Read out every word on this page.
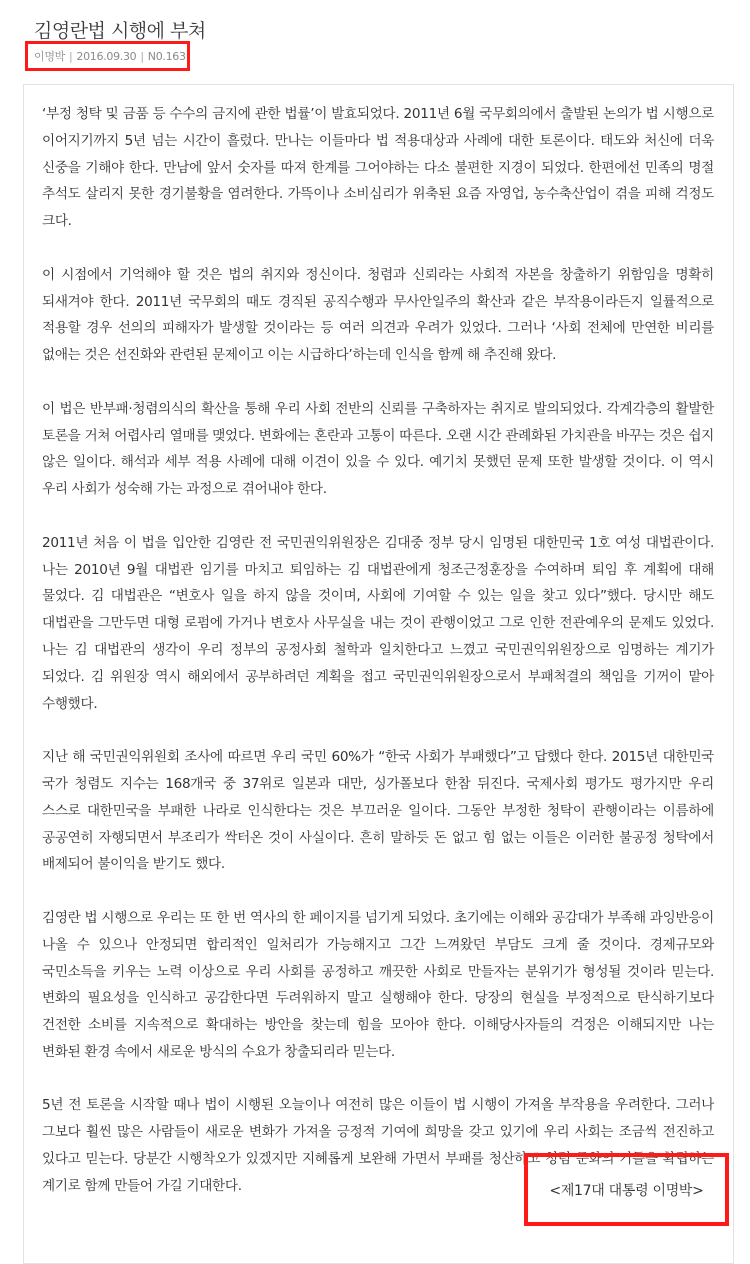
김영란법 시행에 부쳐
이명박 | 2016.09.30 | N0.163

‘부정 청탁 및 금품 등 수수의 금지에 관한 법률’이 발효되었다. 2011년 6월 국무회의에서 출발된 논의가 법 시행으로 이어지기까지 5년 넘는 시간이 흘렀다. 만나는 이들마다 법 적용대상과 사례에 대한 토론이다. 태도와 처신에 더욱 신중을 기해야 한다. 만남에 앞서 숫자를 따져 한계를 그어야하는 다소 불편한 지경이 되었다. 한편에선 민족의 명절 추석도 살리지 못한 경기불황을 염려한다. 가뜩이나 소비심리가 위축된 요즘 자영업, 농수축산업이 겪을 피해 걱정도 크다.

이 시점에서 기억해야 할 것은 법의 취지와 정신이다. 청렴과 신뢰라는 사회적 자본을 창출하기 위함임을 명확히 되새겨야 한다. 2011년 국무회의 때도 경직된 공직수행과 무사안일주의 확산과 같은 부작용이라든지 일률적으로 적용할 경우 선의의 피해자가 발생할 것이라는 등 여러 의견과 우려가 있었다. 그러나 ‘사회 전체에 만연한 비리를 없애는 것은 선진화와 관련된 문제이고 이는 시급하다’하는데 인식을 함께 해 추진해 왔다.

이 법은 반부패·청렴의식의 확산을 통해 우리 사회 전반의 신뢰를 구축하자는 취지로 발의되었다. 각계각층의 활발한 토론을 거쳐 어렵사리 열매를 맺었다. 변화에는 혼란과 고통이 따른다. 오랜 시간 관례화된 가치관을 바꾸는 것은 쉽지 않은 일이다. 해석과 세부 적용 사례에 대해 이견이 있을 수 있다. 예기치 못했던 문제 또한 발생할 것이다. 이 역시 우리 사회가 성숙해 가는 과정으로 겪어내야 한다.

2011년 처음 이 법을 입안한 김영란 전 국민권익위원장은 김대중 정부 당시 임명된 대한민국 1호 여성 대법관이다. 나는 2010년 9월 대법관 임기를 마치고 퇴임하는 김 대법관에게 청조근정훈장을 수여하며 퇴임 후 계획에 대해 물었다. 김 대법관은 “변호사 일을 하지 않을 것이며, 사회에 기여할 수 있는 일을 찾고 있다”했다. 당시만 해도 대법관을 그만두면 대형 로펌에 가거나 변호사 사무실을 내는 것이 관행이었고 그로 인한 전관예우의 문제도 있었다. 나는 김 대법관의 생각이 우리 정부의 공정사회 철학과 일치한다고 느꼈고 국민권익위원장으로 임명하는 계기가 되었다. 김 위원장 역시 해외에서 공부하려던 계획을 접고 국민권익위원장으로서 부패척결의 책임을 기꺼이 맡아 수행했다.

지난 해 국민권익위원회 조사에 따르면 우리 국민 60%가 “한국 사회가 부패했다”고 답했다 한다. 2015년 대한민국 국가 청렴도 지수는 168개국 중 37위로 일본과 대만, 싱가폴보다 한참 뒤진다. 국제사회 평가도 평가지만 우리 스스로 대한민국을 부패한 나라로 인식한다는 것은 부끄러운 일이다. 그동안 부정한 청탁이 관행이라는 이름하에 공공연히 자행되면서 부조리가 싹터온 것이 사실이다. 흔히 말하듯 돈 없고 힘 없는 이들은 이러한 불공정 청탁에서 배제되어 불이익을 받기도 했다.

김영란 법 시행으로 우리는 또 한 번 역사의 한 페이지를 넘기게 되었다. 초기에는 이해와 공감대가 부족해 과잉반응이 나올 수 있으나 안정되면 합리적인 일처리가 가능해지고 그간 느껴왔던 부담도 크게 줄 것이다. 경제규모와 국민소득을 키우는 노력 이상으로 우리 사회를 공정하고 깨끗한 사회로 만들자는 분위기가 형성될 것이라 믿는다. 변화의 필요성을 인식하고 공감한다면 두려워하지 말고 실행해야 한다. 당장의 현실을 부정적으로 탄식하기보다 건전한 소비를 지속적으로 확대하는 방안을 찾는데 힘을 모아야 한다. 이해당사자들의 걱정은 이해되지만 나는 변화된 환경 속에서 새로운 방식의 수요가 창출되리라 믿는다.

5년 전 토론을 시작할 때나 법이 시행된 오늘이나 여전히 많은 이들이 법 시행이 가져올 부작용을 우려한다. 그러나 그보다 훨씬 많은 사람들이 새로운 변화가 가져올 긍정적 기여에 희망을 갖고 있기에 우리 사회는 조금씩 전진하고 있다고 믿는다. 당분간 시행착오가 있겠지만 지혜롭게 보완해 가면서 부패를 청산하고 청렴 문화의 기틀을 확립하는 계기로 함께 만들어 가길 기대한다.	<제17대 대통령 이명박>
